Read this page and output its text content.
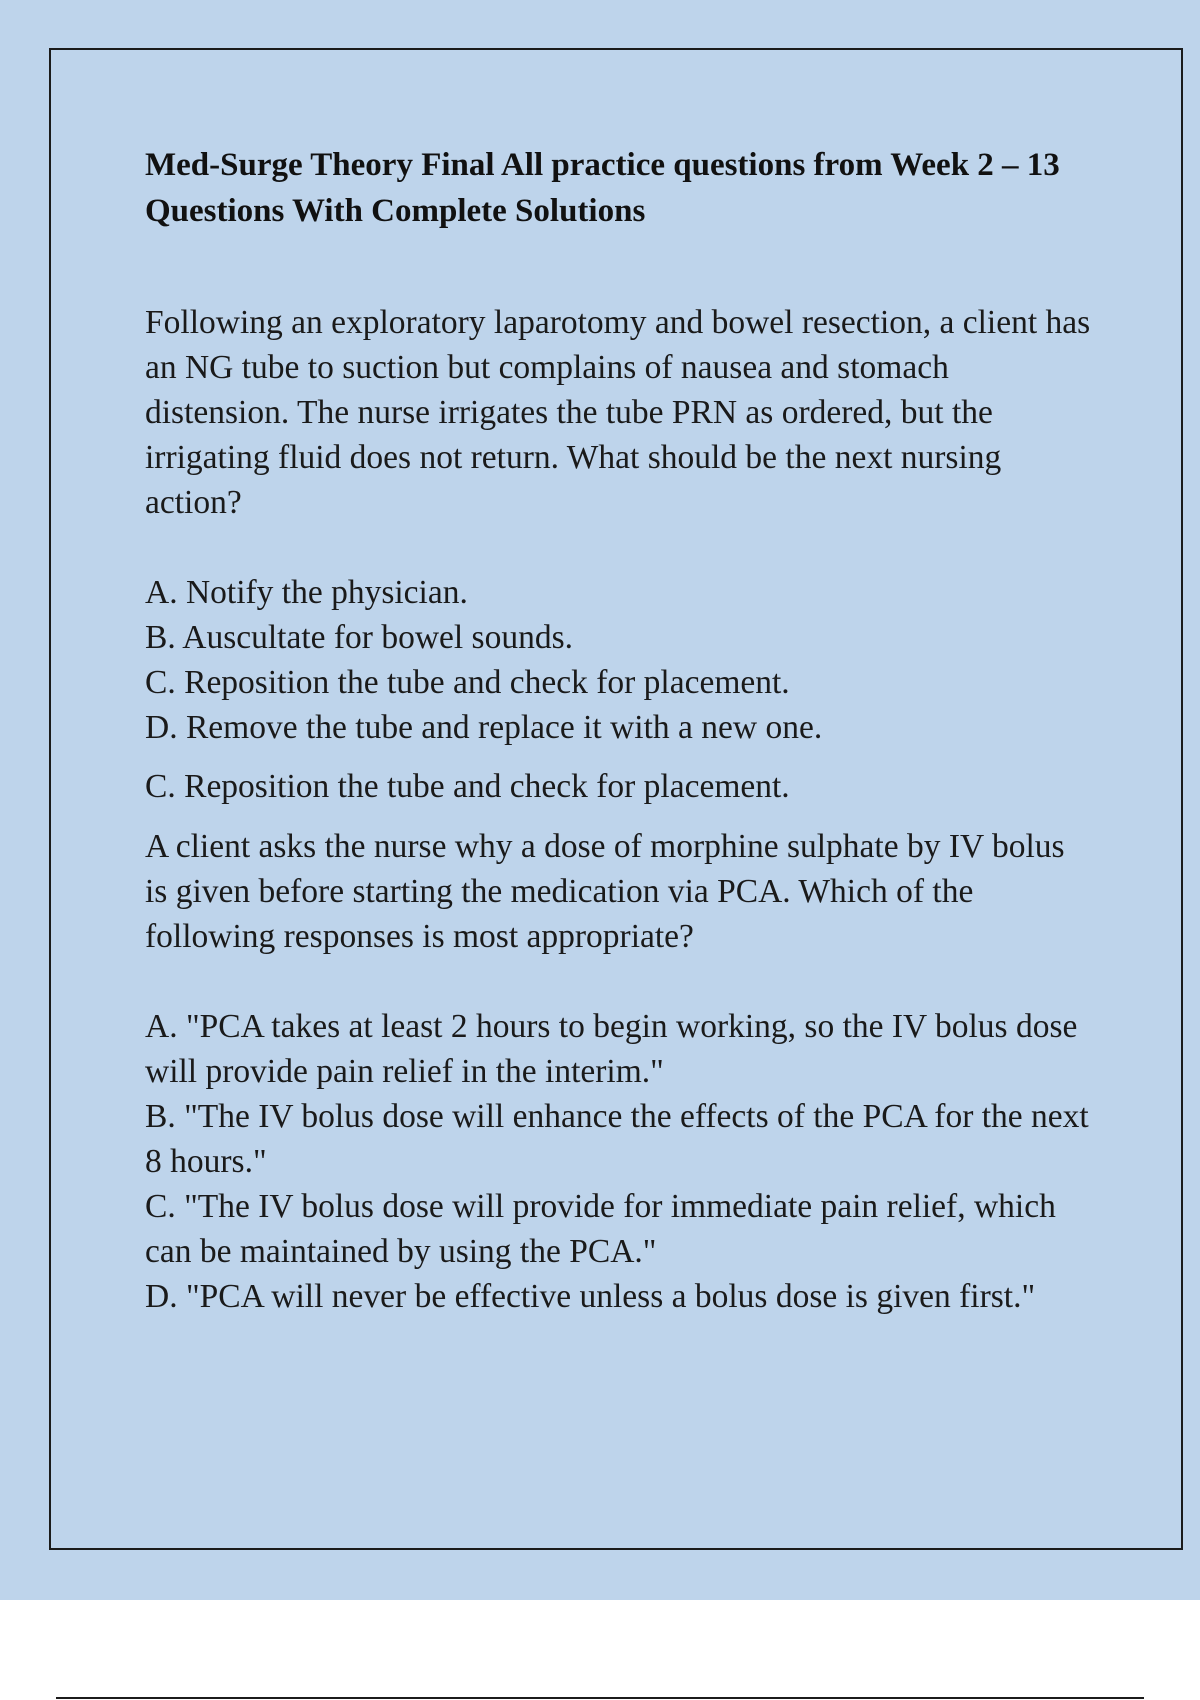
Med-Surge Theory Final All practice questions from Week 2 – 13 Questions With Complete Solutions

Following an exploratory laparotomy and bowel resection, a client has an NG tube to suction but complains of nausea and stomach distension. The nurse irrigates the tube PRN as ordered, but the irrigating fluid does not return. What should be the next nursing action?

A. Notify the physician.

B. Auscultate for bowel sounds.

C. Reposition the tube and check for placement.

D. Remove the tube and replace it with a new one.

C. Reposition the tube and check for placement.

A client asks the nurse why a dose of morphine sulphate by IV bolus is given before starting the medication via PCA. Which of the following responses is most appropriate?

A. "PCA takes at least 2 hours to begin working, so the IV bolus dose will provide pain relief in the interim."

B. "The IV bolus dose will enhance the effects of the PCA for the next 8 hours."

C. "The IV bolus dose will provide for immediate pain relief, which can be maintained by using the PCA."

D. "PCA will never be effective unless a bolus dose is given first."
